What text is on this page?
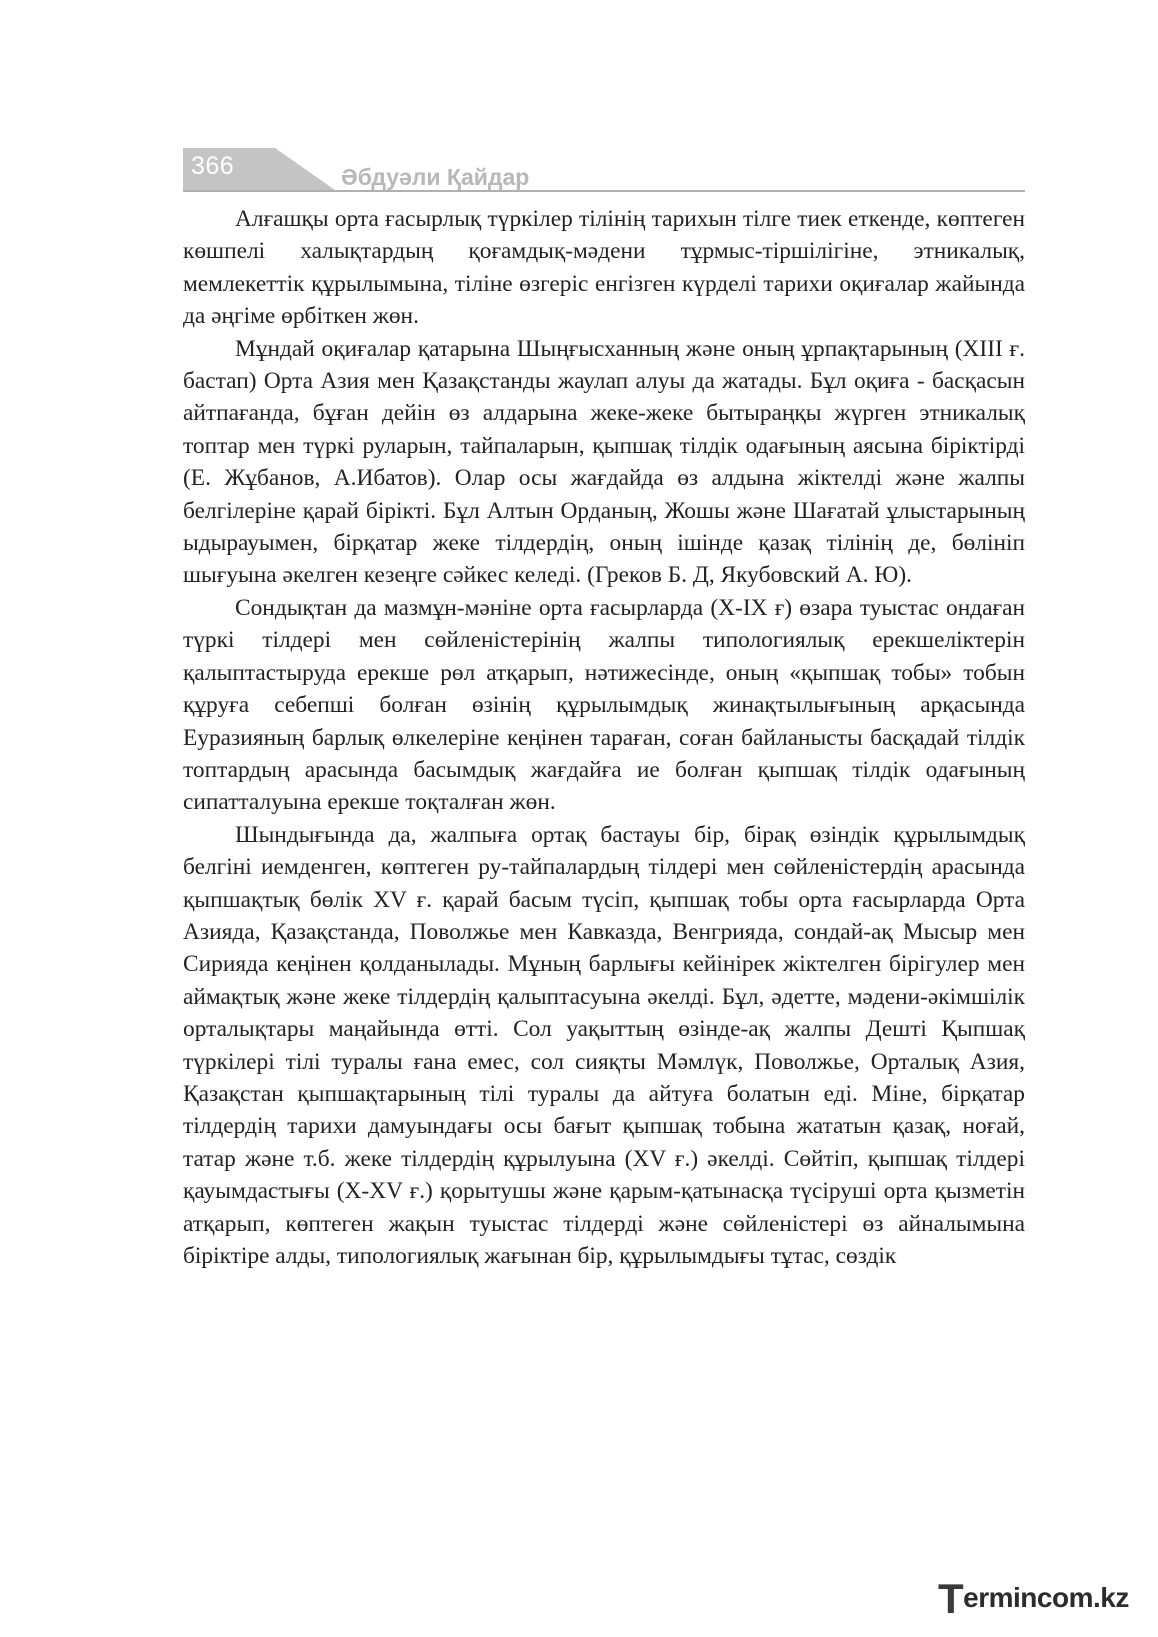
366	Әбдуәли Қайдар

Алғашқы орта ғасырлық түркілер тілінің тарихын тілге тиек еткенде, көптеген көшпелі халықтардың қоғамдық-мәдени тұрмыс-тіршілігіне, этникалық, мемлекеттік құрылымына, тіліне өзгеріс енгізген күрделі тарихи оқиғалар жайында да әңгіме өрбіткен жөн.

Мұндай оқиғалар қатарына Шыңғысханның және оның ұрпақтарының (XIII ғ. бастап) Орта Азия мен Қазақстанды жаулап алуы да жатады. Бұл оқиға - басқасын айтпағанда, бұған дейін өз алдарына жеке-жеке бытыраңқы жүрген этникалық топтар мен түркі руларын, тайпаларын, қыпшақ тілдік одағының аясына біріктірді (Е. Жұбанов, А.Ибатов). Олар осы жағдайда өз алдына жіктелді және жалпы белгілеріне қарай бірікті. Бұл Алтын Орданың, Жошы және Шағатай ұлыстарының ыдырауымен, бірқатар жеке тілдердің, оның ішінде қазақ тілінің де, бөлініп шығуына әкелген кезеңге сәйкес келеді. (Греков Б. Д, Якубовский А. Ю).

Сондықтан да мазмұн-мәніне орта ғасырларда (X-IX ғ) өзара туыстас ондаған түркі тілдері мен сөйленістерінің жалпы типологиялық ерекшеліктерін қалыптастыруда ерекше рөл атқарып, нәтижесінде, оның «қыпшақ тобы» тобын құруға себепші болған өзінің құрылымдық жинақтылығының арқасында Еуразияның барлық өлкелеріне кеңінен тараған, соған байланысты басқадай тілдік топтардың арасында басымдық жағдайға ие болған қыпшақ тілдік одағының сипатталуына ерекше тоқталған жөн.

Шындығында да, жалпыға ортақ бастауы бір, бірақ өзіндік құрылымдық белгіні иемденген, көптеген ру-тайпалардың тілдері мен сөйленістердің арасында қыпшақтық бөлік XV ғ. қарай басым түсіп, қыпшақ тобы орта ғасырларда Орта Азияда, Қазақстанда, Поволжье мен Кавказда, Венгрияда, сондай-ақ Мысыр мен Сирияда кеңінен қолданылады. Мұның барлығы кейінірек жіктелген бірігулер мен аймақтық және жеке тілдердің қалыптасуына әкелді. Бұл, әдетте, мәдени-әкімшілік орталықтары маңайында өтті. Сол уақыттың өзінде-ақ жалпы Дешті Қыпшақ түркілері тілі туралы ғана емес, сол сияқты Мәмлүк, Поволжье, Орталық Азия, Қазақстан қыпшақтарының тілі туралы да айтуға болатын еді. Міне, бірқатар тілдердің тарихи дамуындағы осы бағыт қыпшақ тобына жататын қазақ, ноғай, татар және т.б. жеке тілдердің құрылуына (XV ғ.) әкелді. Сөйтіп, қыпшақ тілдері қауымдастығы (X-XV ғ.) қорытушы және қарым-қатынасқа түсіруші орта қызметін атқарып, көптеген жақын туыстас тілдерді және сөйленістері өз айналымына біріктіре алды, типологиялық жағынан бір, құрылымдығы тұтас, сөздік

Termincom.kz
